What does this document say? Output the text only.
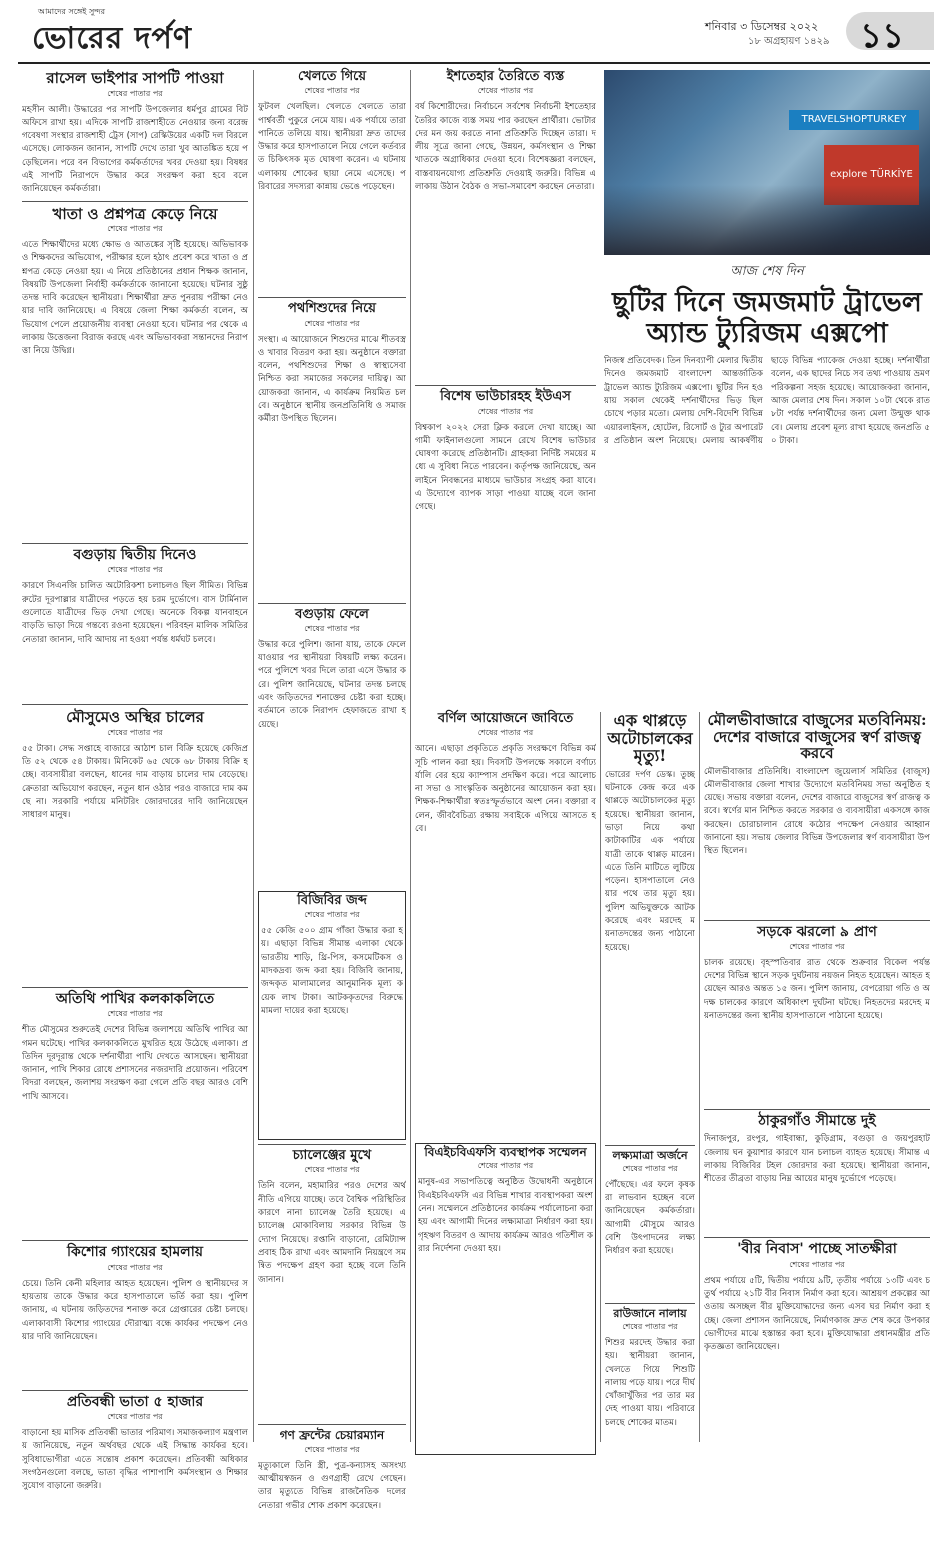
আমাদের সঙ্গেই সুন্দর
ভোরের দর্পণ	শনিবার ৩ ডিসেম্বর ২০২২
১৮ অগ্রহায়ণ ১৪২৯ ১১
রাসেল ভাইপার সাপটি পাওয়া
শেষের পাতার পর
মহসীন আলী। উদ্ধারের পর সাপটি উপজেলার ধর্মপুর গ্রামের বিট অফিসে রাখা হয়। এদিকে সাপটি রাজশাহীতে নেওয়ার জন্য বরেন্দ্র গবেষণা সংস্থার রাজশাহী ট্রেস (সাপ) রেস্কিউয়ের একটি দল বিরলে এসেছে। লোকজন জানান, সাপটি দেখে তারা খুব আতঙ্কিত হয়ে পড়েছিলেন। পরে বন বিভাগের কর্মকর্তাদের খবর দেওয়া হয়। বিষধর এই সাপটি নিরাপদে উদ্ধার করে সংরক্ষণ করা হবে বলে জানিয়েছেন কর্মকর্তারা।
খাতা ও প্রশ্নপত্র কেড়ে নিয়ে
শেষের পাতার পর
এতে শিক্ষার্থীদের মধ্যে ক্ষোভ ও আতঙ্কের সৃষ্টি হয়েছে। অভিভাবক ও শিক্ষকদের অভিযোগ, পরীক্ষার হলে হঠাৎ প্রবেশ করে খাতা ও প্রশ্নপত্র কেড়ে নেওয়া হয়। এ নিয়ে প্রতিষ্ঠানের প্রধান শিক্ষক জানান, বিষয়টি উপজেলা নির্বাহী কর্মকর্তাকে জানানো হয়েছে। ঘটনার সুষ্ঠু তদন্ত দাবি করেছেন স্থানীয়রা। শিক্ষার্থীরা দ্রুত পুনরায় পরীক্ষা নেওয়ার দাবি জানিয়েছে। এ বিষয়ে জেলা শিক্ষা কর্মকর্তা বলেন, অভিযোগ পেলে প্রয়োজনীয় ব্যবস্থা নেওয়া হবে। ঘটনার পর থেকে এলাকায় উত্তেজনা বিরাজ করছে এবং অভিভাবকরা সন্তানদের নিরাপত্তা নিয়ে উদ্বিগ্ন।
বগুড়ায় দ্বিতীয় দিনেও
শেষের পাতার পর
কারণে সিএনজি চালিত অটোরিকশা চলাচলও ছিল সীমিত। বিভিন্ন রুটের দূরপাল্লার যাত্রীদের পড়তে হয় চরম দুর্ভোগে। বাস টার্মিনালগুলোতে যাত্রীদের ভিড় দেখা গেছে। অনেকে বিকল্প যানবাহনে বাড়তি ভাড়া দিয়ে গন্তব্যে রওনা হয়েছেন। পরিবহন মালিক সমিতির নেতারা জানান, দাবি আদায় না হওয়া পর্যন্ত ধর্মঘট চলবে।
মৌসুমেও অস্থির চালের
শেষের পাতার পর
৫৫ টাকা। সেদ্ধ সপ্তাহে বাজারে আঠাশ চাল বিক্রি হয়েছে কেজিপ্রতি ৫২ থেকে ৫৪ টাকায়। মিনিকেট ৬৫ থেকে ৬৮ টাকায় বিক্রি হচ্ছে। ব্যবসায়ীরা বলছেন, ধানের দাম বাড়ায় চালের দাম বেড়েছে। ক্রেতারা অভিযোগ করছেন, নতুন ধান ওঠার পরও বাজারে দাম কমছে না। সরকারি পর্যায়ে মনিটরিং জোরদারের দাবি জানিয়েছেন সাধারণ মানুষ।
অতিথি পাখির কলকাকলিতে
শেষের পাতার পর
শীত মৌসুমের শুরুতেই দেশের বিভিন্ন জলাশয়ে অতিথি পাখির আগমন ঘটেছে। পাখির কলকাকলিতে মুখরিত হয়ে উঠেছে এলাকা। প্রতিদিন দূরদূরান্ত থেকে দর্শনার্থীরা পাখি দেখতে আসছেন। স্থানীয়রা জানান, পাখি শিকার রোধে প্রশাসনের নজরদারি প্রয়োজন। পরিবেশবিদরা বলছেন, জলাশয় সংরক্ষণ করা গেলে প্রতি বছর আরও বেশি পাখি আসবে।
কিশোর গ্যাংয়ের হামলায়
শেষের পাতার পর
চেয়ে। তিনি কেনী মহিলার আহত হয়েছেন। পুলিশ ও স্থানীয়দের সহায়তায় তাকে উদ্ধার করে হাসপাতালে ভর্তি করা হয়। পুলিশ জানায়, এ ঘটনায় জড়িতদের শনাক্ত করে গ্রেপ্তারের চেষ্টা চলছে। এলাকাবাসী কিশোর গ্যাংয়ের দৌরাত্ম্য বন্ধে কার্যকর পদক্ষেপ নেওয়ার দাবি জানিয়েছেন।
প্রতিবন্ধী ভাতা ৫ হাজার
শেষের পাতার পর
বাড়ানো হয় মাসিক প্রতিবন্ধী ভাতার পরিমাণ। সমাজকল্যাণ মন্ত্রণালয় জানিয়েছে, নতুন অর্থবছর থেকে এই সিদ্ধান্ত কার্যকর হবে। সুবিধাভোগীরা এতে সন্তোষ প্রকাশ করেছেন। প্রতিবন্ধী অধিকার সংগঠনগুলো বলছে, ভাতা বৃদ্ধির পাশাপাশি কর্মসংস্থান ও শিক্ষার সুযোগ বাড়ানো জরুরি।
খেলতে গিয়ে
শেষের পাতার পর
ফুটবল খেলছিল। খেলতে খেলতে তারা পার্শ্ববর্তী পুকুরে নেমে যায়। এক পর্যায়ে তারা পানিতে তলিয়ে যায়। স্থানীয়রা দ্রুত তাদের উদ্ধার করে হাসপাতালে নিয়ে গেলে কর্তব্যরত চিকিৎসক মৃত ঘোষণা করেন। এ ঘটনায় এলাকায় শোকের ছায়া নেমে এসেছে। পরিবারের সদস্যরা কান্নায় ভেঙে পড়েছেন।
পথশিশুদের নিয়ে
শেষের পাতার পর
সংস্থা। এ আয়োজনে শিশুদের মাঝে শীতবস্ত্র ও খাবার বিতরণ করা হয়। অনুষ্ঠানে বক্তারা বলেন, পথশিশুদের শিক্ষা ও স্বাস্থ্যসেবা নিশ্চিত করা সমাজের সকলের দায়িত্ব। আয়োজকরা জানান, এ কার্যক্রম নিয়মিত চলবে। অনুষ্ঠানে স্থানীয় জনপ্রতিনিধি ও সমাজকর্মীরা উপস্থিত ছিলেন।
বগুড়ায় ফেলে
শেষের পাতার পর
উদ্ধার করে পুলিশ। জানা যায়, তাকে ফেলে যাওয়ার পর স্থানীয়রা বিষয়টি লক্ষ্য করেন। পরে পুলিশে খবর দিলে তারা এসে উদ্ধার করে। পুলিশ জানিয়েছে, ঘটনার তদন্ত চলছে এবং জড়িতদের শনাক্তের চেষ্টা করা হচ্ছে। বর্তমানে তাকে নিরাপদ হেফাজতে রাখা হয়েছে।
বিজিবির জব্দ
শেষের পাতার পর
৫৫ কেজি ৫০০ গ্রাম গাঁজা উদ্ধার করা হয়। এছাড়া বিভিন্ন সীমান্ত এলাকা থেকে ভারতীয় শাড়ি, থ্রি-পিস, কসমেটিকস ও মাদকদ্রব্য জব্দ করা হয়। বিজিবি জানায়, জব্দকৃত মালামালের আনুমানিক মূল্য কয়েক লাখ টাকা। আটককৃতদের বিরুদ্ধে মামলা দায়ের করা হয়েছে।
চ্যালেঞ্জের মুখে
শেষের পাতার পর
তিনি বলেন, মহামারির পরও দেশের অর্থনীতি এগিয়ে যাচ্ছে। তবে বৈশ্বিক পরিস্থিতির কারণে নানা চ্যালেঞ্জ তৈরি হয়েছে। এ চ্যালেঞ্জ মোকাবিলায় সরকার বিভিন্ন উদ্যোগ নিয়েছে। রপ্তানি বাড়ানো, রেমিট্যান্স প্রবাহ ঠিক রাখা এবং আমদানি নিয়ন্ত্রণে সমন্বিত পদক্ষেপ গ্রহণ করা হচ্ছে বলে তিনি জানান।
গণ ফ্রন্টের চেয়ারম্যান
শেষের পাতার পর
মৃত্যুকালে তিনি স্ত্রী, পুত্র-কন্যাসহ অসংখ্য আত্মীয়স্বজন ও গুণগ্রাহী রেখে গেছেন। তার মৃত্যুতে বিভিন্ন রাজনৈতিক দলের নেতারা গভীর শোক প্রকাশ করেছেন।
ইশতেহার তৈরিতে ব্যস্ত
শেষের পাতার পর
বর্ষ কিশোরীদের। নির্বাচনে সর্বশেষ নির্বাচনী ইশতেহার তৈরির কাজে ব্যস্ত সময় পার করছেন প্রার্থীরা। ভোটারদের মন জয় করতে নানা প্রতিশ্রুতি দিচ্ছেন তারা। দলীয় সূত্রে জানা গেছে, উন্নয়ন, কর্মসংস্থান ও শিক্ষা খাতকে অগ্রাধিকার দেওয়া হবে। বিশেষজ্ঞরা বলছেন, বাস্তবায়নযোগ্য প্রতিশ্রুতি দেওয়াই জরুরি। বিভিন্ন এলাকায় উঠান বৈঠক ও সভা-সমাবেশ করছেন নেতারা।
বিশেষ ভাউচারহহ ইউএস
শেষের পাতার পর
বিশ্বকাপ ২০২২ সেরা ক্লিক করলে দেখা যাচ্ছে। আগামী ফাইনালগুলো সামনে রেখে বিশেষ ভাউচার ঘোষণা করেছে প্রতিষ্ঠানটি। গ্রাহকরা নির্দিষ্ট সময়ের মধ্যে এ সুবিধা নিতে পারবেন। কর্তৃপক্ষ জানিয়েছে, অনলাইনে নিবন্ধনের মাধ্যমে ভাউচার সংগ্রহ করা যাবে। এ উদ্যোগে ব্যাপক সাড়া পাওয়া যাচ্ছে বলে জানা গেছে।
বর্ণিল আয়োজনে জাবিতে
শেষের পাতার পর
আনে। এছাড়া প্রকৃতিতে প্রকৃতি সংরক্ষণে বিভিন্ন কর্মসূচি পালন করা হয়। দিবসটি উপলক্ষে সকালে বর্ণাঢ্য র্যালি বের হয়ে ক্যাম্পাস প্রদক্ষিণ করে। পরে আলোচনা সভা ও সাংস্কৃতিক অনুষ্ঠানের আয়োজন করা হয়। শিক্ষক-শিক্ষার্থীরা স্বতঃস্ফূর্তভাবে অংশ নেন। বক্তারা বলেন, জীববৈচিত্র্য রক্ষায় সবাইকে এগিয়ে আসতে হবে।
বিএইচবিএফসি ব্যবস্থাপক সম্মেলন
শেষের পাতার পর
মানুষ-এর সভাপতিত্বে অনুষ্ঠিত উদ্বোধনী অনুষ্ঠানে বিএইচবিএফসি এর বিভিন্ন শাখার ব্যবস্থাপকরা অংশ নেন। সম্মেলনে প্রতিষ্ঠানের কার্যক্রম পর্যালোচনা করা হয় এবং আগামী দিনের লক্ষ্যমাত্রা নির্ধারণ করা হয়। গৃহঋণ বিতরণ ও আদায় কার্যক্রম আরও গতিশীল করার নির্দেশনা দেওয়া হয়।
TRAVELSHOPTURKEY
explore TÜRKİYE
আজ শেষ দিন
ছুটির দিনে জমজমাট ট্রাভেল অ্যান্ড ট্যুরিজম এক্সপো
নিজস্ব প্রতিবেদক। তিন দিনব্যাপী মেলার দ্বিতীয় দিনেও জমজমাট বাংলাদেশ আন্তর্জাতিক ট্রাভেল অ্যান্ড ট্যুরিজম এক্সপো। ছুটির দিন হওয়ায় সকাল থেকেই দর্শনার্থীদের ভিড় ছিল চোখে পড়ার মতো। মেলায় দেশি-বিদেশি বিভিন্ন এয়ারলাইনস, হোটেল, রিসোর্ট ও ট্যুর অপারেটর প্রতিষ্ঠান অংশ নিয়েছে। মেলায় আকর্ষণীয় ছাড়ে বিভিন্ন প্যাকেজ দেওয়া হচ্ছে। দর্শনার্থীরা বলেন, এক ছাদের নিচে সব তথ্য পাওয়ায় ভ্রমণ পরিকল্পনা সহজ হয়েছে। আয়োজকরা জানান, আজ মেলার শেষ দিন। সকাল ১০টা থেকে রাত ৮টা পর্যন্ত দর্শনার্থীদের জন্য মেলা উন্মুক্ত থাকবে। মেলায় প্রবেশ মূল্য রাখা হয়েছে জনপ্রতি ৫০ টাকা।
এক থাপ্পড়ে অটোচালকের মৃত্যু!
ভোরের দর্পণ ডেস্ক। তুচ্ছ ঘটনাকে কেন্দ্র করে এক থাপ্পড়ে অটোচালকের মৃত্যু হয়েছে। স্থানীয়রা জানান, ভাড়া নিয়ে কথা কাটাকাটির এক পর্যায়ে যাত্রী তাকে থাপ্পড় মারেন। এতে তিনি মাটিতে লুটিয়ে পড়েন। হাসপাতালে নেওয়ার পথে তার মৃত্যু হয়। পুলিশ অভিযুক্তকে আটক করেছে এবং মরদেহ ময়নাতদন্তের জন্য পাঠানো হয়েছে।
লক্ষ্যমাত্রা অর্জনে
শেষের পাতার পর
পৌঁছেছে। এর ফলে কৃষকরা লাভবান হচ্ছেন বলে জানিয়েছেন কর্মকর্তারা। আগামী মৌসুমে আরও বেশি উৎপাদনের লক্ষ্য নির্ধারণ করা হয়েছে।
রাউজানে নালায়
শেষের পাতার পর
শিশুর মরদেহ উদ্ধার করা হয়। স্থানীয়রা জানান, খেলতে গিয়ে শিশুটি নালায় পড়ে যায়। পরে দীর্ঘ খোঁজাখুঁজির পর তার মরদেহ পাওয়া যায়। পরিবারে চলছে শোকের মাতম।
মৌলভীবাজারে বাজুসের মতবিনিময়: দেশের বাজারে বাজুসের স্বর্ণ রাজত্ব করবে
মৌলভীবাজার প্রতিনিধি। বাংলাদেশ জুয়েলার্স সমিতির (বাজুস) মৌলভীবাজার জেলা শাখার উদ্যোগে মতবিনিময় সভা অনুষ্ঠিত হয়েছে। সভায় বক্তারা বলেন, দেশের বাজারে বাজুসের স্বর্ণ রাজত্ব করবে। স্বর্ণের মান নিশ্চিত করতে সরকার ও ব্যবসায়ীরা একসঙ্গে কাজ করছেন। চোরাচালান রোধে কঠোর পদক্ষেপ নেওয়ার আহ্বান জানানো হয়। সভায় জেলার বিভিন্ন উপজেলার স্বর্ণ ব্যবসায়ীরা উপস্থিত ছিলেন।
সড়কে ঝরলো ৯ প্রাণ
শেষের পাতার পর
চালক রয়েছে। বৃহস্পতিবার রাত থেকে শুক্রবার বিকেল পর্যন্ত দেশের বিভিন্ন স্থানে সড়ক দুর্ঘটনায় নয়জন নিহত হয়েছেন। আহত হয়েছেন আরও অন্তত ১৫ জন। পুলিশ জানায়, বেপরোয়া গতি ও অদক্ষ চালকের কারণে অধিকাংশ দুর্ঘটনা ঘটছে। নিহতদের মরদেহ ময়নাতদন্তের জন্য স্থানীয় হাসপাতালে পাঠানো হয়েছে।
ঠাকুরগাঁও সীমান্তে দুই
দিনাজপুর, রংপুর, গাইবান্ধা, কুড়িগ্রাম, বগুড়া ও জয়পুরহাট জেলায় ঘন কুয়াশার কারণে যান চলাচল ব্যাহত হয়েছে। সীমান্ত এলাকায় বিজিবির টহল জোরদার করা হয়েছে। স্থানীয়রা জানান, শীতের তীব্রতা বাড়ায় নিম্ন আয়ের মানুষ দুর্ভোগে পড়েছে।
'বীর নিবাস' পাচ্ছে সাতক্ষীরা
শেষের পাতার পর
প্রথম পর্যায়ে ৫টি, দ্বিতীয় পর্যায়ে ৯টি, তৃতীয় পর্যায়ে ১৩টি এবং চতুর্থ পর্যায়ে ২১টি বীর নিবাস নির্মাণ করা হবে। আশ্রয়ণ প্রকল্পের আওতায় অসচ্ছল বীর মুক্তিযোদ্ধাদের জন্য এসব ঘর নির্মাণ করা হচ্ছে। জেলা প্রশাসন জানিয়েছে, নির্মাণকাজ দ্রুত শেষ করে উপকারভোগীদের মাঝে হস্তান্তর করা হবে। মুক্তিযোদ্ধারা প্রধানমন্ত্রীর প্রতি কৃতজ্ঞতা জানিয়েছেন।
